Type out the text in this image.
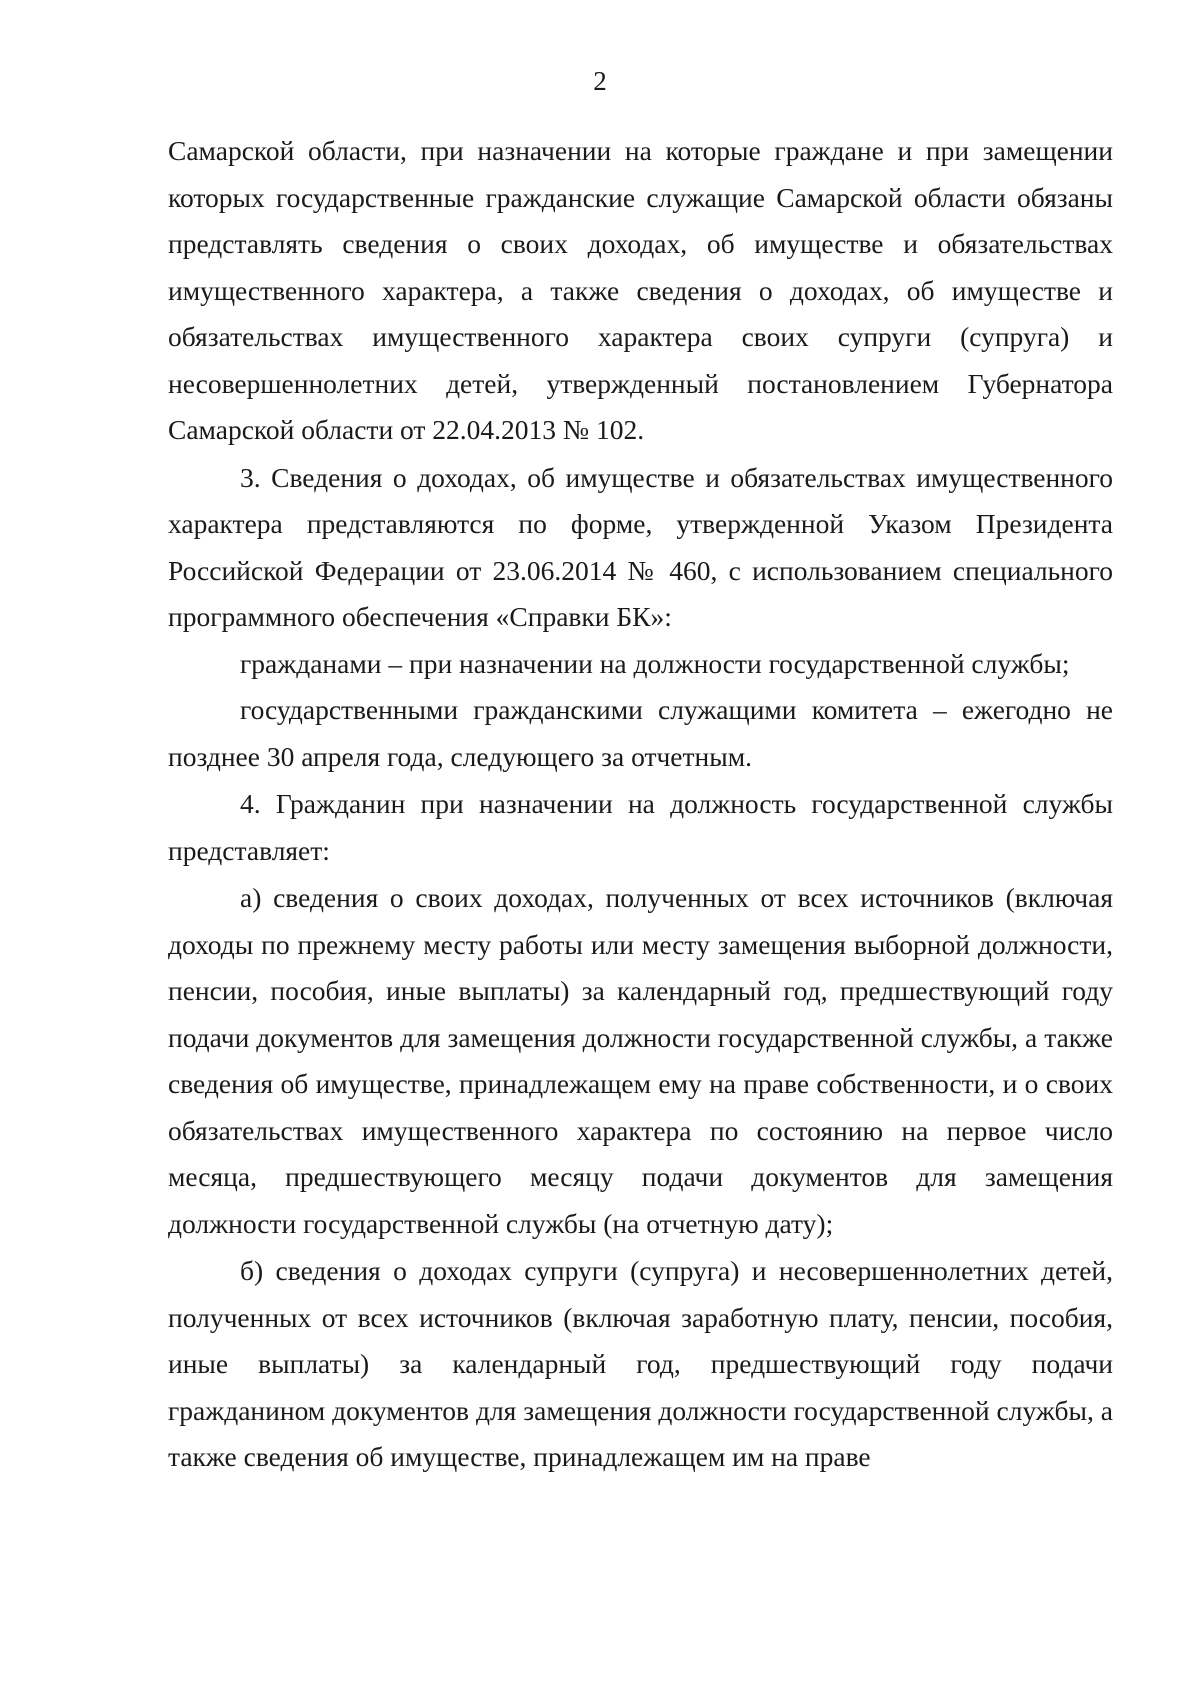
2

Самарской области, при назначении на которые граждане и при замещении которых государственные гражданские служащие Самарской области обязаны представлять сведения о своих доходах, об имуществе и обязательствах имущественного характера, а также сведения о доходах, об имуществе и обязательствах имущественного характера своих супруги (супруга) и несовершеннолетних детей, утвержденный постановлением Губернатора Самарской области от 22.04.2013 № 102.

3. Сведения о доходах, об имуществе и обязательствах имущественного характера представляются по форме, утвержденной Указом Президента Российской Федерации от 23.06.2014 № 460, с использованием специального программного обеспечения «Справки БК»:

гражданами – при назначении на должности государственной службы;

государственными гражданскими служащими комитета – ежегодно не позднее 30 апреля года, следующего за отчетным.

4. Гражданин при назначении на должность государственной службы представляет:

а) сведения о своих доходах, полученных от всех источников (включая доходы по прежнему месту работы или месту замещения выборной должности, пенсии, пособия, иные выплаты) за календарный год, предшествующий году подачи документов для замещения должности государственной службы, а также сведения об имуществе, принадлежащем ему на праве собственности, и о своих обязательствах имущественного характера по состоянию на первое число месяца, предшествующего месяцу подачи документов для замещения должности государственной службы (на отчетную дату);

б) сведения о доходах супруги (супруга) и несовершеннолетних детей, полученных от всех источников (включая заработную плату, пенсии, пособия, иные выплаты) за календарный год, предшествующий году подачи гражданином документов для замещения должности государственной службы, а также сведения об имуществе, принадлежащем им на праве
